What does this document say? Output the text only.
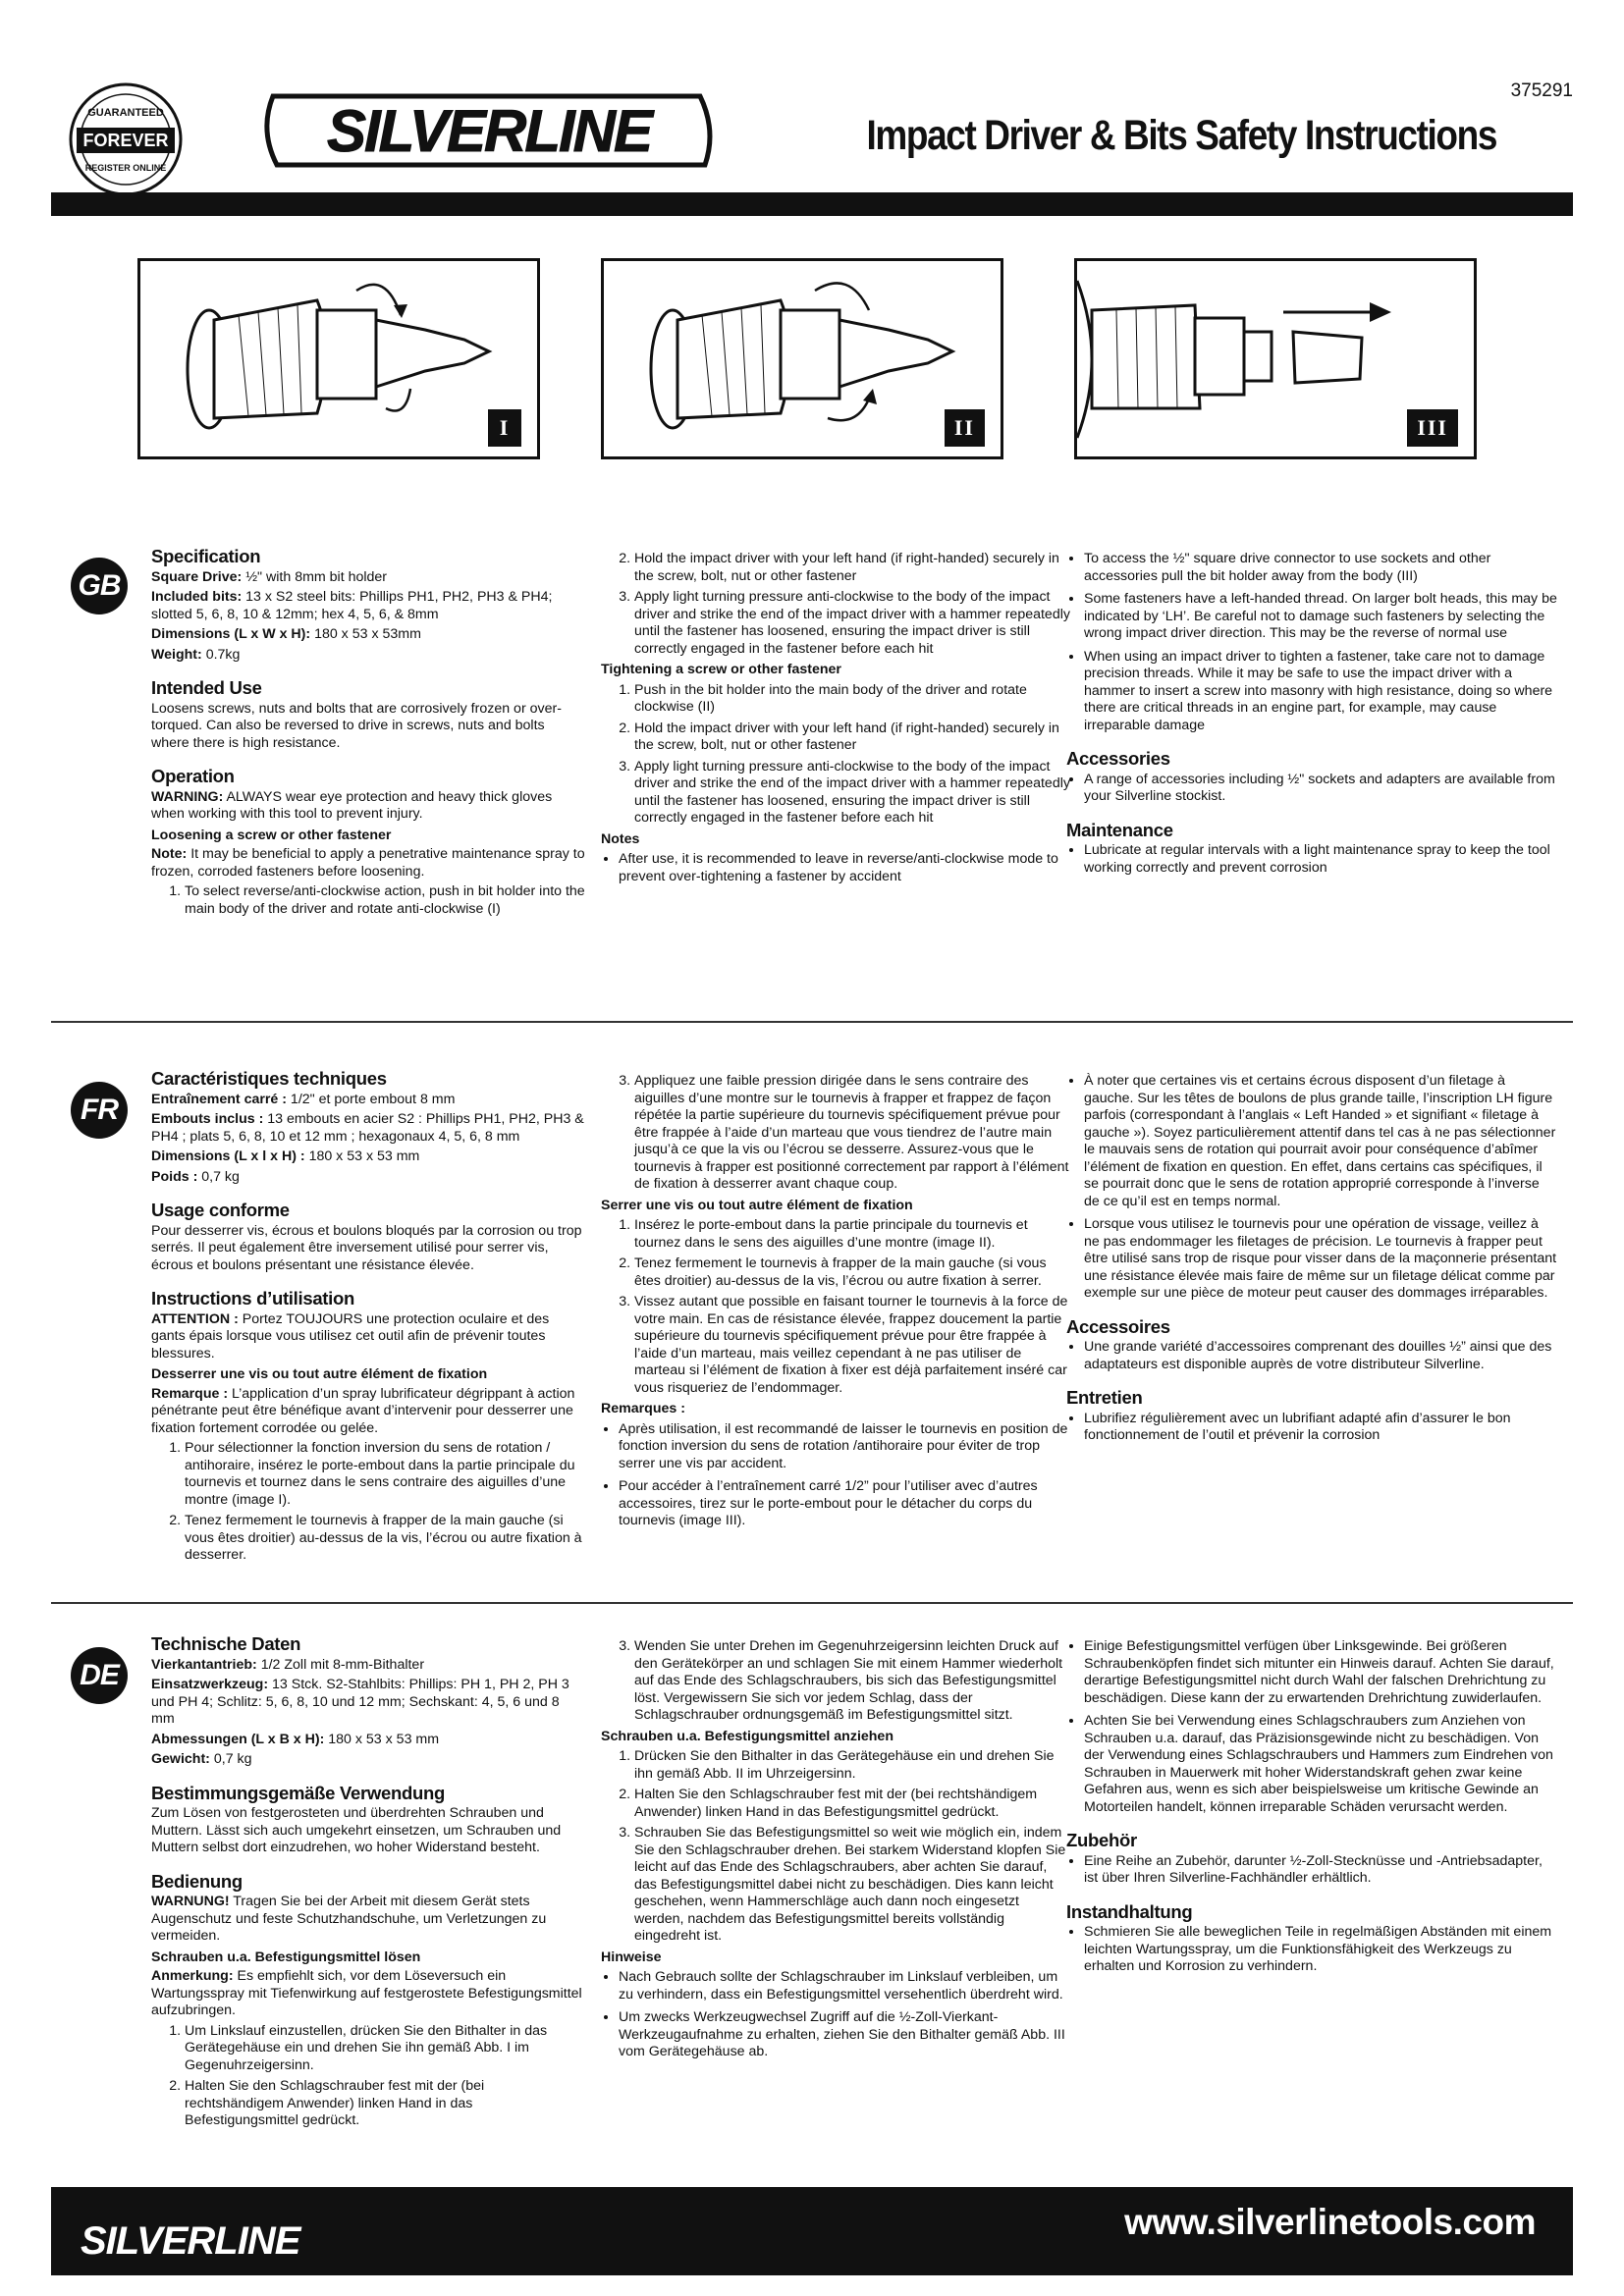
GUARANTEED
FOREVER
REGISTER ONLINE
SILVERLINE
375291
Impact Driver & Bits Safety Instructions
I	II	III
GB
Specification

Square Drive: ½" with 8mm bit holder

Included bits: 13 x S2 steel bits: Phillips PH1, PH2, PH3 & PH4; slotted 5, 6, 8, 10 & 12mm; hex 4, 5, 6, & 8mm

Dimensions (L x W x H): 180 x 53 x 53mm

Weight: 0.7kg

Intended Use

Loosens screws, nuts and bolts that are corrosively frozen or over-torqued. Can also be reversed to drive in screws, nuts and bolts where there is high resistance.

Operation

WARNING: ALWAYS wear eye protection and heavy thick gloves when working with this tool to prevent injury.

Loosening a screw or other fastener

Note: It may be beneficial to apply a penetrative maintenance spray to frozen, corroded fasteners before loosening.

1. To select reverse/anti-clockwise action, push in bit holder into the main body of the driver and rotate anti-clockwise (I)
2. Hold the impact driver with your left hand (if right-handed) securely in the screw, bolt, nut or other fastener
3. Apply light turning pressure anti-clockwise to the body of the impact driver and strike the end of the impact driver with a hammer repeatedly until the fastener has loosened, ensuring the impact driver is still correctly engaged in the fastener before each hit

Tightening a screw or other fastener

1. Push in the bit holder into the main body of the driver and rotate clockwise (II)
2. Hold the impact driver with your left hand (if right-handed) securely in the screw, bolt, nut or other fastener
3. Apply light turning pressure anti-clockwise to the body of the impact driver and strike the end of the impact driver with a hammer repeatedly until the fastener has loosened, ensuring the impact driver is still correctly engaged in the fastener before each hit

Notes

• After use, it is recommended to leave in reverse/anti-clockwise mode to prevent over-tightening a fastener by accident
• To access the ½" square drive connector to use sockets and other accessories pull the bit holder away from the body (III)
• Some fasteners have a left-handed thread. On larger bolt heads, this may be indicated by ‘LH’. Be careful not to damage such fasteners by selecting the wrong impact driver direction. This may be the reverse of normal use
• When using an impact driver to tighten a fastener, take care not to damage precision threads. While it may be safe to use the impact driver with a hammer to insert a screw into masonry with high resistance, doing so where there are critical threads in an engine part, for example, may cause irreparable damage
Accessories
• A range of accessories including ½" sockets and adapters are available from your Silverline stockist.
Maintenance
• Lubricate at regular intervals with a light maintenance spray to keep the tool working correctly and prevent corrosion
FR
Caractéristiques techniques

Entraînement carré : 1/2" et porte embout 8 mm

Embouts inclus : 13 embouts en acier S2 : Phillips PH1, PH2, PH3 & PH4 ; plats 5, 6, 8, 10 et 12 mm ; hexagonaux 4, 5, 6, 8 mm

Dimensions (L x l x H) : 180 x 53 x 53 mm

Poids : 0,7 kg

Usage conforme

Pour desserrer vis, écrous et boulons bloqués par la corrosion ou trop serrés. Il peut également être inversement utilisé pour serrer vis, écrous et boulons présentant une résistance élevée.

Instructions d’utilisation

ATTENTION : Portez TOUJOURS une protection oculaire et des gants épais lorsque vous utilisez cet outil afin de prévenir toutes blessures.

Desserrer une vis ou tout autre élément de fixation

Remarque : L’application d’un spray lubrificateur dégrippant à action pénétrante peut être bénéfique avant d’intervenir pour desserrer une fixation fortement corrodée ou gelée.

1. Pour sélectionner la fonction inversion du sens de rotation / antihoraire, insérez le porte-embout dans la partie principale du tournevis et tournez dans le sens contraire des aiguilles d’une montre (image I).
2. Tenez fermement le tournevis à frapper de la main gauche (si vous êtes droitier) au-dessus de la vis, l’écrou ou autre fixation à desserrer.
3. Appliquez une faible pression dirigée dans le sens contraire des aiguilles d’une montre sur le tournevis à frapper et frappez de façon répétée la partie supérieure du tournevis spécifiquement prévue pour être frappée à l’aide d’un marteau que vous tiendrez de l’autre main jusqu’à ce que la vis ou l’écrou se desserre. Assurez-vous que le tournevis à frapper est positionné correctement par rapport à l’élément de fixation à desserrer avant chaque coup.

Serrer une vis ou tout autre élément de fixation

1. Insérez le porte-embout dans la partie principale du tournevis et tournez dans le sens des aiguilles d’une montre (image II).
2. Tenez fermement le tournevis à frapper de la main gauche (si vous êtes droitier) au-dessus de la vis, l’écrou ou autre fixation à serrer.
3. Vissez autant que possible en faisant tourner le tournevis à la force de votre main. En cas de résistance élevée, frappez doucement la partie supérieure du tournevis spécifiquement prévue pour être frappée à l’aide d’un marteau, mais veillez cependant à ne pas utiliser de marteau si l’élément de fixation à fixer est déjà parfaitement inséré car vous risqueriez de l’endommager.

Remarques :

• Après utilisation, il est recommandé de laisser le tournevis en position de fonction inversion du sens de rotation /antihoraire pour éviter de trop serrer une vis par accident.
• Pour accéder à l’entraînement carré 1/2” pour l’utiliser avec d’autres accessoires, tirez sur le porte-embout pour le détacher du corps du tournevis (image III).
• À noter que certaines vis et certains écrous disposent d’un filetage à gauche. Sur les têtes de boulons de plus grande taille, l’inscription LH figure parfois (correspondant à l’anglais « Left Handed » et signifiant « filetage à gauche »). Soyez particulièrement attentif dans tel cas à ne pas sélectionner le mauvais sens de rotation qui pourrait avoir pour conséquence d’abîmer l’élément de fixation en question. En effet, dans certains cas spécifiques, il se pourrait donc que le sens de rotation approprié corresponde à l’inverse de ce qu’il est en temps normal.
• Lorsque vous utilisez le tournevis pour une opération de vissage, veillez à ne pas endommager les filetages de précision. Le tournevis à frapper peut être utilisé sans trop de risque pour visser dans de la maçonnerie présentant une résistance élevée mais faire de même sur un filetage délicat comme par exemple sur une pièce de moteur peut causer des dommages irréparables.
Accessoires
• Une grande variété d’accessoires comprenant des douilles ½” ainsi que des adaptateurs est disponible auprès de votre distributeur Silverline.
Entretien
• Lubrifiez régulièrement avec un lubrifiant adapté afin d’assurer le bon fonctionnement de l’outil et prévenir la corrosion
DE
Technische Daten

Vierkantantrieb: 1/2 Zoll mit 8-mm-Bithalter

Einsatzwerkzeug: 13 Stck. S2-Stahlbits: Phillips: PH 1, PH 2, PH 3 und PH 4; Schlitz: 5, 6, 8, 10 und 12 mm; Sechskant: 4, 5, 6 und 8 mm

Abmessungen (L x B x H): 180 x 53 x 53 mm

Gewicht: 0,7 kg

Bestimmungsgemäße Verwendung

Zum Lösen von festgerosteten und überdrehten Schrauben und Muttern. Lässt sich auch umgekehrt einsetzen, um Schrauben und Muttern selbst dort einzudrehen, wo hoher Widerstand besteht.

Bedienung

WARNUNG! Tragen Sie bei der Arbeit mit diesem Gerät stets Augenschutz und feste Schutzhandschuhe, um Verletzungen zu vermeiden.

Schrauben u.a. Befestigungsmittel lösen

Anmerkung: Es empfiehlt sich, vor dem Löseversuch ein Wartungsspray mit Tiefenwirkung auf festgerostete Befestigungsmittel aufzubringen.

1. Um Linkslauf einzustellen, drücken Sie den Bithalter in das Gerätegehäuse ein und drehen Sie ihn gemäß Abb. I im Gegenuhrzeigersinn.
2. Halten Sie den Schlagschrauber fest mit der (bei rechtshändigem Anwender) linken Hand in das Befestigungsmittel gedrückt.
3. Wenden Sie unter Drehen im Gegenuhrzeigersinn leichten Druck auf den Gerätekörper an und schlagen Sie mit einem Hammer wiederholt auf das Ende des Schlagschraubers, bis sich das Befestigungsmittel löst. Vergewissern Sie sich vor jedem Schlag, dass der Schlagschrauber ordnungsgemäß im Befestigungsmittel sitzt.

Schrauben u.a. Befestigungsmittel anziehen

1. Drücken Sie den Bithalter in das Gerätegehäuse ein und drehen Sie ihn gemäß Abb. II im Uhrzeigersinn.
2. Halten Sie den Schlagschrauber fest mit der (bei rechtshändigem Anwender) linken Hand in das Befestigungsmittel gedrückt.
3. Schrauben Sie das Befestigungsmittel so weit wie möglich ein, indem Sie den Schlagschrauber drehen. Bei starkem Widerstand klopfen Sie leicht auf das Ende des Schlagschraubers, aber achten Sie darauf, das Befestigungsmittel dabei nicht zu beschädigen. Dies kann leicht geschehen, wenn Hammerschläge auch dann noch eingesetzt werden, nachdem das Befestigungsmittel bereits vollständig eingedreht ist.

Hinweise

• Nach Gebrauch sollte der Schlagschrauber im Linkslauf verbleiben, um zu verhindern, dass ein Befestigungsmittel versehentlich überdreht wird.
• Um zwecks Werkzeugwechsel Zugriff auf die ½-Zoll-Vierkant-Werkzeugaufnahme zu erhalten, ziehen Sie den Bithalter gemäß Abb. III vom Gerätegehäuse ab.
• Einige Befestigungsmittel verfügen über Linksgewinde. Bei größeren Schraubenköpfen findet sich mitunter ein Hinweis darauf. Achten Sie darauf, derartige Befestigungsmittel nicht durch Wahl der falschen Drehrichtung zu beschädigen. Diese kann der zu erwartenden Drehrichtung zuwiderlaufen.
• Achten Sie bei Verwendung eines Schlagschraubers zum Anziehen von Schrauben u.a. darauf, das Präzisionsgewinde nicht zu beschädigen. Von der Verwendung eines Schlagschraubers und Hammers zum Eindrehen von Schrauben in Mauerwerk mit hoher Widerstandskraft gehen zwar keine Gefahren aus, wenn es sich aber beispielsweise um kritische Gewinde an Motorteilen handelt, können irreparable Schäden verursacht werden.
Zubehör
• Eine Reihe an Zubehör, darunter ½-Zoll-Stecknüsse und -Antriebsadapter, ist über Ihren Silverline-Fachhändler erhältlich.
Instandhaltung
• Schmieren Sie alle beweglichen Teile in regelmäßigen Abständen mit einem leichten Wartungsspray, um die Funktionsfähigkeit des Werkzeugs zu erhalten und Korrosion zu verhindern.
SILVERLINE	www.silverlinetools.com
